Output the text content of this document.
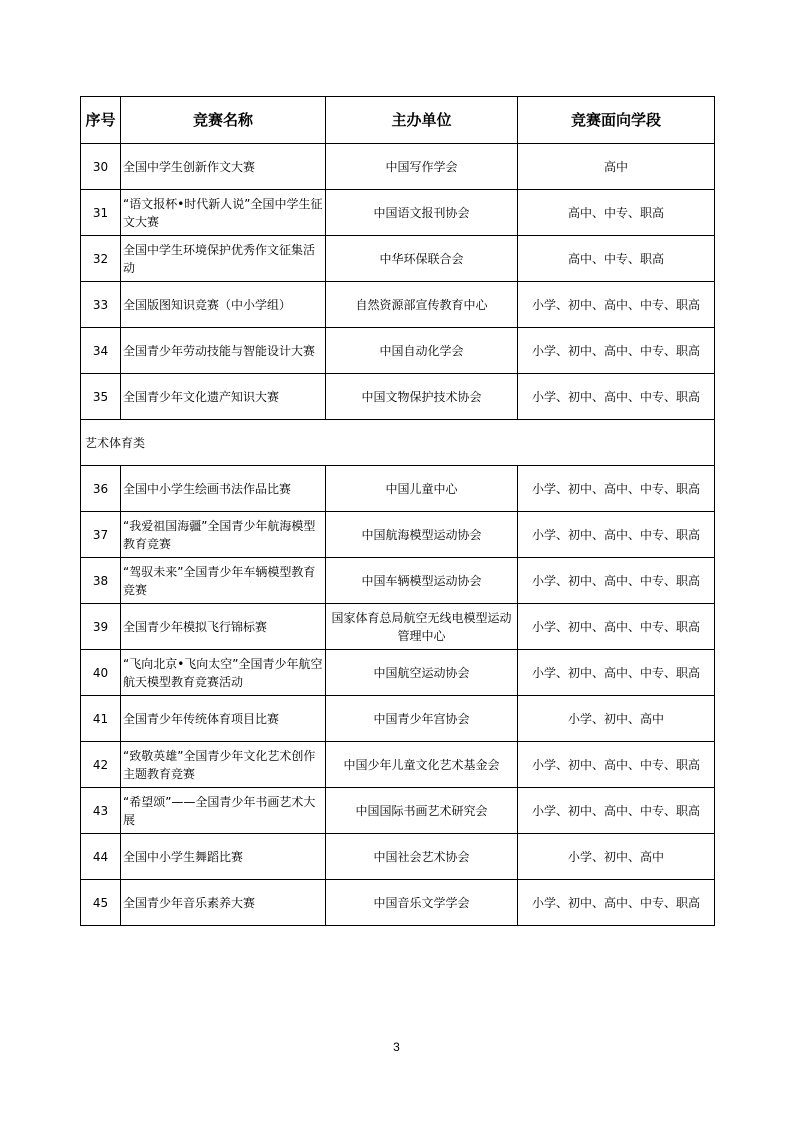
序号	竞赛名称	主办单位	竞赛面向学段
30	全国中学生创新作文大赛	中国写作学会	高中
31	“语文报杯•时代新人说”全国中学生征文大赛	中国语文报刊协会	高中、中专、职高
32	全国中学生环境保护优秀作文征集活动	中华环保联合会	高中、中专、职高
33	全国版图知识竞赛（中小学组）	自然资源部宣传教育中心	小学、初中、高中、中专、职高
34	全国青少年劳动技能与智能设计大赛	中国自动化学会	小学、初中、高中、中专、职高
35	全国青少年文化遗产知识大赛	中国文物保护技术协会	小学、初中、高中、中专、职高
艺术体育类			
36	全国中小学生绘画书法作品比赛	中国儿童中心	小学、初中、高中、中专、职高
37	“我爱祖国海疆”全国青少年航海模型教育竞赛	中国航海模型运动协会	小学、初中、高中、中专、职高
38	“驾驭未来”全国青少年车辆模型教育竞赛	中国车辆模型运动协会	小学、初中、高中、中专、职高
39	全国青少年模拟飞行锦标赛	国家体育总局航空无线电模型运动管理中心	小学、初中、高中、中专、职高
40	“飞向北京•飞向太空”全国青少年航空航天模型教育竞赛活动	中国航空运动协会	小学、初中、高中、中专、职高
41	全国青少年传统体育项目比赛	中国青少年宫协会	小学、初中、高中
42	“致敬英雄”全国青少年文化艺术创作主题教育竞赛	中国少年儿童文化艺术基金会	小学、初中、高中、中专、职高
43	“希望颂”——全国青少年书画艺术大展	中国国际书画艺术研究会	小学、初中、高中、中专、职高
44	全国中小学生舞蹈比赛	中国社会艺术协会	小学、初中、高中
45	全国青少年音乐素养大赛	中国音乐文学学会	小学、初中、高中、中专、职高
3
